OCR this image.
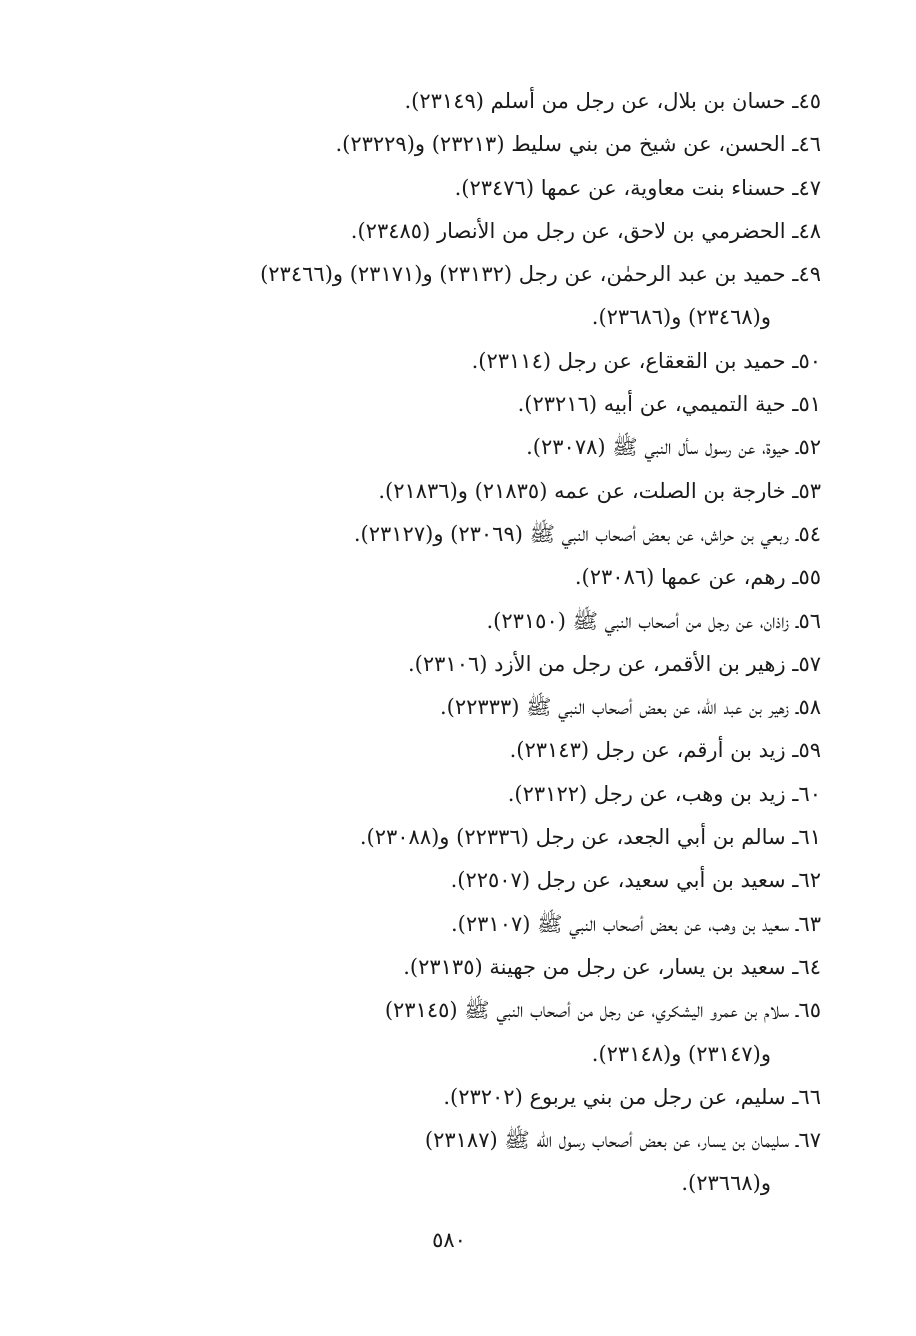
٤٥ـ حسان بن بلال، عن رجل من أسلم (٢٣١٤٩).

٤٦ـ الحسن، عن شيخ من بني سليط (٢٣٢١٣) و(٢٣٢٢٩).

٤٧ـ حسناء بنت معاوية، عن عمها (٢٣٤٧٦).

٤٨ـ الحضرمي بن لاحق، عن رجل من الأنصار (٢٣٤٨٥).

٤٩ـ حميد بن عبد الرحمٰن، عن رجل (٢٣١٣٢) و(٢٣١٧١) و(٢٣٤٦٦)

و(٢٣٤٦٨) و(٢٣٦٨٦).

٥٠ـ حميد بن القعقاع، عن رجل (٢٣١١٤).

٥١ـ حية التميمي، عن أبيه (٢٣٢١٦).

٥٢ـ حيوة، عن رسول سأل النبي ﷺ (٢٣٠٧٨).

٥٣ـ خارجة بن الصلت، عن عمه (٢١٨٣٥) و(٢١٨٣٦).

٥٤ـ ربعي بن حراش، عن بعض أصحاب النبي ﷺ (٢٣٠٦٩) و(٢٣١٢٧).

٥٥ـ رهم، عن عمها (٢٣٠٨٦).

٥٦ـ زاذان، عن رجل من أصحاب النبي ﷺ (٢٣١٥٠).

٥٧ـ زهير بن الأقمر، عن رجل من الأزد (٢٣١٠٦).

٥٨ـ زهير بن عبد الله، عن بعض أصحاب النبي ﷺ (٢٢٣٣٣).

٥٩ـ زيد بن أرقم، عن رجل (٢٣١٤٣).

٦٠ـ زيد بن وهب، عن رجل (٢٣١٢٢).

٦١ـ سالم بن أبي الجعد، عن رجل (٢٢٣٣٦) و(٢٣٠٨٨).

٦٢ـ سعيد بن أبي سعيد، عن رجل (٢٢٥٠٧).

٦٣ـ سعيد بن وهب، عن بعض أصحاب النبي ﷺ (٢٣١٠٧).

٦٤ـ سعيد بن يسار، عن رجل من جهينة (٢٣١٣٥).

٦٥ـ سلام بن عمرو اليشكري، عن رجل من أصحاب النبي ﷺ (٢٣١٤٥)

و(٢٣١٤٧) و(٢٣١٤٨).

٦٦ـ سليم، عن رجل من بني يربوع (٢٣٢٠٢).

٦٧ـ سليمان بن يسار، عن بعض أصحاب رسول الله ﷺ (٢٣١٨٧)

و(٢٣٦٦٨).

٥٨٠
